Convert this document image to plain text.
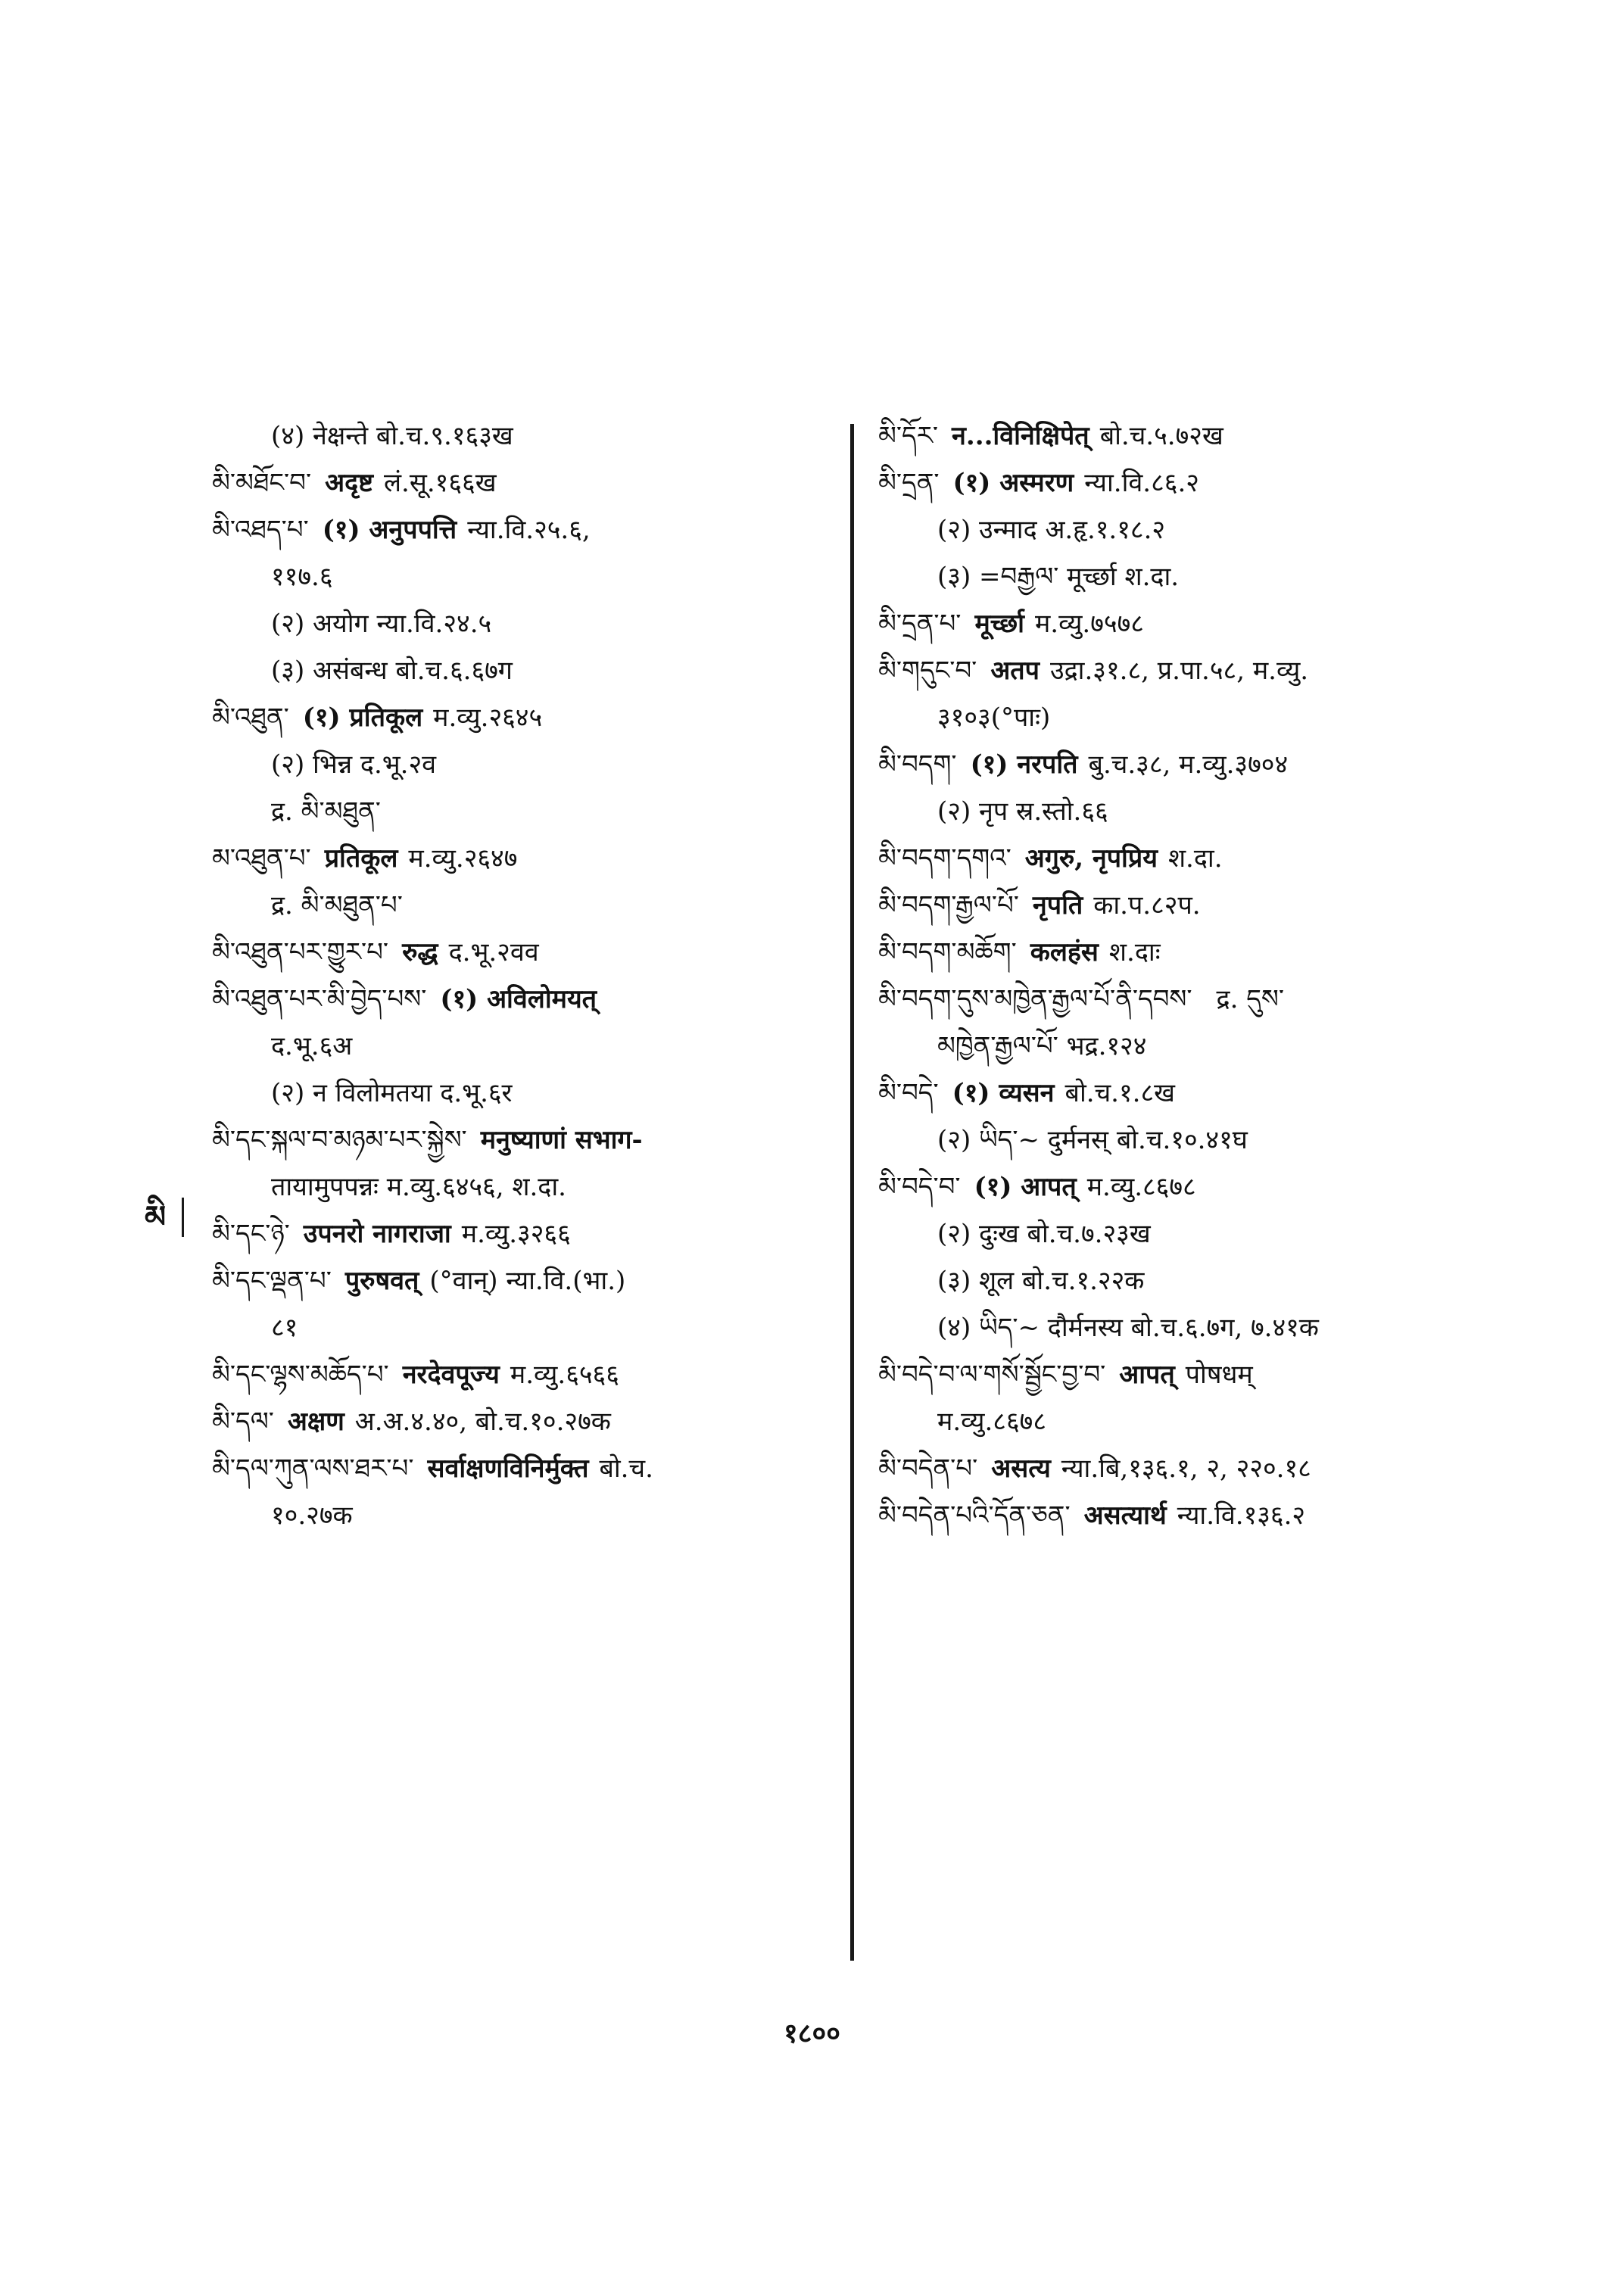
(४) नेक्षन्ते बो.च.९.१६३ख
མི་མཐོང་བ་ अदृष्ट लं.सू.१६६ख
མི་འཐད་པ་ (१) अनुपपत्ति न्या.वि.२५.६,
११७.६
(२) अयोग न्या.वि.२४.५
(३) असंबन्ध बो.च.६.६७ग
མི་འཐུན་ (१) प्रतिकूल म.व्यु.२६४५
(२) भिन्न द.भू.२व
द्र. མི་མཐུན་
མ་འཐུན་པ་ प्रतिकूल म.व्यु.२६४७
द्र. མི་མཐུན་པ་
མི་འཐུན་པར་གྱུར་པ་ रुद्ध द.भू.२वव
མི་འཐུན་པར་མི་བྱེད་པས་ (१) अविलोमयत्
द.भू.६अ
(२) न विलोमतया द.भू.६र
མི་དང་སྐལ་བ་མཉམ་པར་སྐྱེས་ मनुष्याणां सभाग-
तायामुपपन्नः म.व्यु.६४५६, श.दा.
མི་དང་ཉེ་ उपनरो नागराजा म.व्यु.३२६६
མི་དང་ལྡན་པ་ पुरुषवत् (°वान्) न्या.वि.(भा.)
८१
མི་དང་ལྷས་མཆོད་པ་ नरदेवपूज्य म.व्यु.६५६६
མི་དལ་ अक्षण अ.अ.४.४०, बो.च.१०.२७क
མི་དལ་ཀུན་ལས་ཐར་པ་ सर्वाक्षणविनिर्मुक्त बो.च.
१०.२७क
མི་དོར་ न...विनिक्षिपेत् बो.च.५.७२ख
མི་དྲན་ (१) अस्मरण न्या.वि.८६.२
(२) उन्माद अ.हृ.१.१८.२
(३) =བརྒྱལ་ मूर्च्छा श.दा.
མི་དྲན་པ་ मूर्च्छा म.व्यु.७५७८
མི་གདུང་བ་ अतप उद्रा.३१.८, प्र.पा.५८, म.व्यु.
३१०३(°पाः)
མི་བདག་ (१) नरपति बु.च.३८, म.व्यु.३७०४
(२) नृप स्र.स्तो.६६
མི་བདག་དགའ་ अगुरु, नृपप्रिय श.दा.
མི་བདག་རྒྱལ་པོ་ नृपति का.प.८२प.
མི་བདག་མཆོག་ कलहंस श.दाः
མི་བདག་དུས་མཁྱེན་རྒྱལ་པོ་ནི་དབས་ द्र. དུས་
མཁྱེན་རྒྱལ་པོ་ भद्र.१२४
མི་བདེ་ (१) व्यसन बो.च.१.८ख
(२) ཡིད་~ दुर्मनस् बो.च.१०.४१घ
མི་བདེ་བ་ (१) आपत् म.व्यु.८६७८
(२) दुःख बो.च.७.२३ख
(३) शूल बो.च.१.२२क
(४) ཡིད་~ दौर्मनस्य बो.च.६.७ग, ७.४१क
མི་བདེ་བ་ལ་གསོ་སྦྱོང་བྱ་བ་ आपत् पोषधम्
म.व्यु.८६७८
མི་བདེན་པ་ असत्य न्या.बि,१३६.१, २, २२०.१८
མི་བདེན་པའི་དོན་ཅན་ असत्यार्थ न्या.वि.१३६.२
མི
१८००
